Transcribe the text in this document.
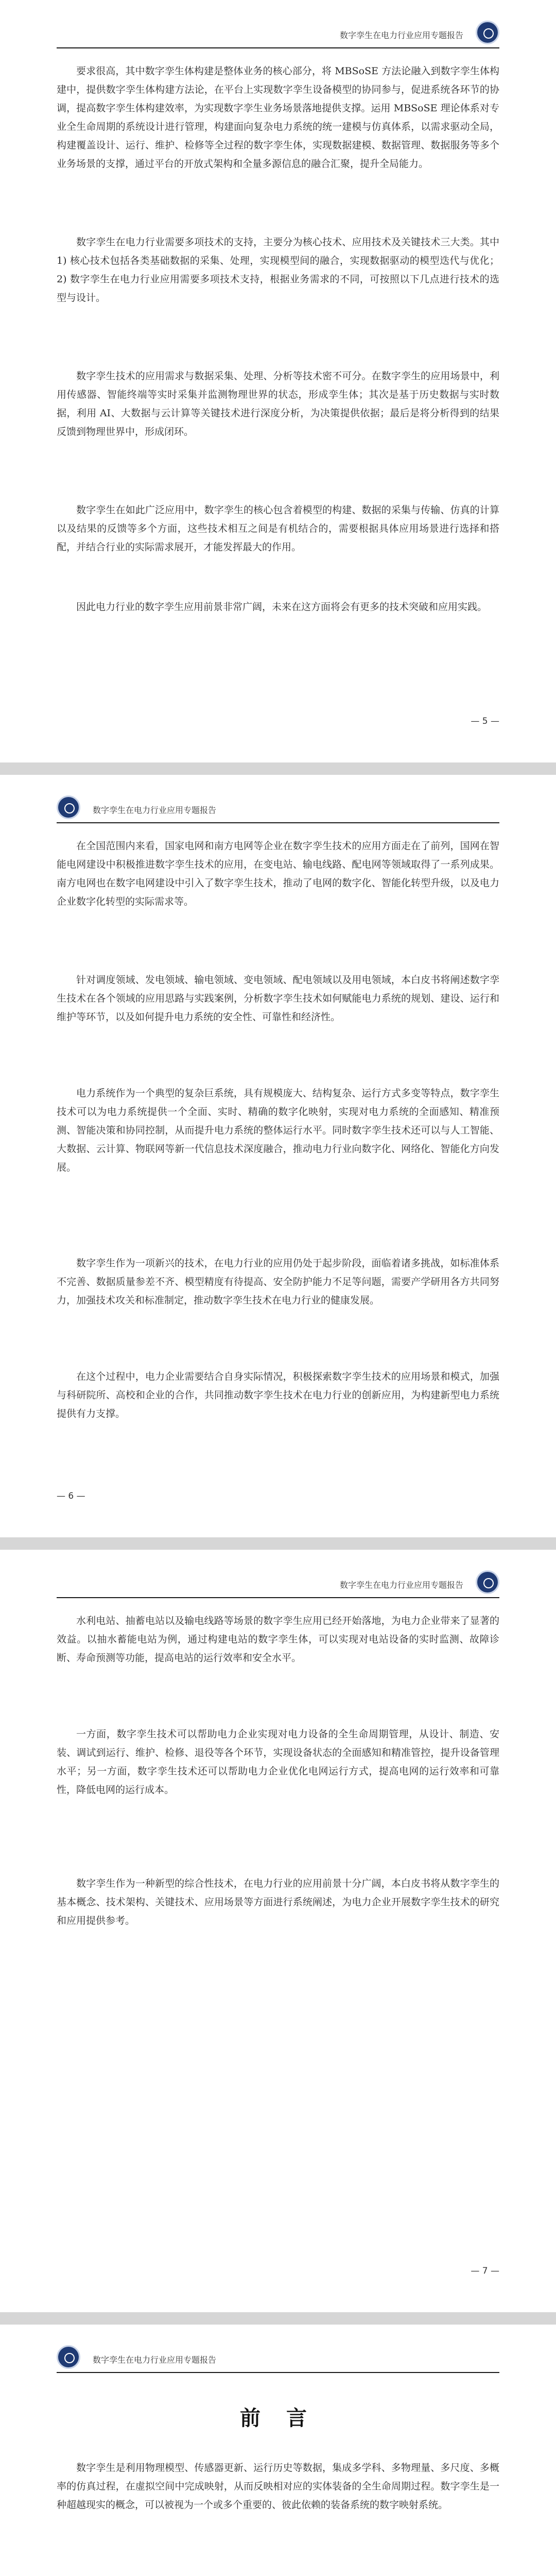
数字孪生在电力行业应用专题报告
要求很高，其中数字孪生体构建是整体业务的核心部分，将 MBSoSE 方法论融入到数字孪生体构建中，提供数字孪生体构建方法论，在平台上实现数字孪生设备模型的协同参与，促进系统各环节的协调，提高数字孪生体构建效率，为实现数字孪生业务场景落地提供支撑。运用 MBSoSE 理论体系对专业全生命周期的系统设计进行管理，构建面向复杂电力系统的统一建模与仿真体系，以需求驱动全局，构建覆盖设计、运行、维护、检修等全过程的数字孪生体，实现数据建模、数据管理、数据服务等多个业务场景的支撑，通过平台的开放式架构和全量多源信息的融合汇聚，提升全局能力。
数字孪生在电力行业需要多项技术的支持，主要分为核心技术、应用技术及关键技术三大类。其中 1) 核心技术包括各类基础数据的采集、处理，实现模型间的融合，实现数据驱动的模型迭代与优化；2) 数字孪生在电力行业应用需要多项技术支持，根据业务需求的不同，可按照以下几点进行技术的选型与设计。
数字孪生技术的应用需求与数据采集、处理、分析等技术密不可分。在数字孪生的应用场景中，利用传感器、智能终端等实时采集并监测物理世界的状态，形成孪生体；其次是基于历史数据与实时数据，利用 AI、大数据与云计算等关键技术进行深度分析，为决策提供依据；最后是将分析得到的结果反馈到物理世界中，形成闭环。
数字孪生在如此广泛应用中，数字孪生的核心包含着模型的构建、数据的采集与传输、仿真的计算以及结果的反馈等多个方面，这些技术相互之间是有机结合的，需要根据具体应用场景进行选择和搭配，并结合行业的实际需求展开，才能发挥最大的作用。
因此电力行业的数字孪生应用前景非常广阔，未来在这方面将会有更多的技术突破和应用实践。
— 5 —
数字孪生在电力行业应用专题报告
在全国范围内来看，国家电网和南方电网等企业在数字孪生技术的应用方面走在了前列，国网在智能电网建设中积极推进数字孪生技术的应用，在变电站、输电线路、配电网等领域取得了一系列成果。南方电网也在数字电网建设中引入了数字孪生技术，推动了电网的数字化、智能化转型升级，以及电力企业数字化转型的实际需求等。
针对调度领域、发电领域、输电领域、变电领域、配电领域以及用电领域，本白皮书将阐述数字孪生技术在各个领域的应用思路与实践案例，分析数字孪生技术如何赋能电力系统的规划、建设、运行和维护等环节，以及如何提升电力系统的安全性、可靠性和经济性。
电力系统作为一个典型的复杂巨系统，具有规模庞大、结构复杂、运行方式多变等特点，数字孪生技术可以为电力系统提供一个全面、实时、精确的数字化映射，实现对电力系统的全面感知、精准预测、智能决策和协同控制，从而提升电力系统的整体运行水平。同时数字孪生技术还可以与人工智能、大数据、云计算、物联网等新一代信息技术深度融合，推动电力行业向数字化、网络化、智能化方向发展。
数字孪生作为一项新兴的技术，在电力行业的应用仍处于起步阶段，面临着诸多挑战，如标准体系不完善、数据质量参差不齐、模型精度有待提高、安全防护能力不足等问题，需要产学研用各方共同努力，加强技术攻关和标准制定，推动数字孪生技术在电力行业的健康发展。
在这个过程中，电力企业需要结合自身实际情况，积极探索数字孪生技术的应用场景和模式，加强与科研院所、高校和企业的合作，共同推动数字孪生技术在电力行业的创新应用，为构建新型电力系统提供有力支撑。
— 6 —
数字孪生在电力行业应用专题报告
水利电站、抽蓄电站以及输电线路等场景的数字孪生应用已经开始落地，为电力企业带来了显著的效益。以抽水蓄能电站为例，通过构建电站的数字孪生体，可以实现对电站设备的实时监测、故障诊断、寿命预测等功能，提高电站的运行效率和安全水平。
一方面，数字孪生技术可以帮助电力企业实现对电力设备的全生命周期管理，从设计、制造、安装、调试到运行、维护、检修、退役等各个环节，实现设备状态的全面感知和精准管控，提升设备管理水平；另一方面，数字孪生技术还可以帮助电力企业优化电网运行方式，提高电网的运行效率和可靠性，降低电网的运行成本。
数字孪生作为一种新型的综合性技术，在电力行业的应用前景十分广阔，本白皮书将从数字孪生的基本概念、技术架构、关键技术、应用场景等方面进行系统阐述，为电力企业开展数字孪生技术的研究和应用提供参考。
— 7 —
数字孪生在电力行业应用专题报告
前 言
数字孪生是利用物理模型、传感器更新、运行历史等数据，集成多学科、多物理量、多尺度、多概率的仿真过程，在虚拟空间中完成映射，从而反映相对应的实体装备的全生命周期过程。数字孪生是一种超越现实的概念，可以被视为一个或多个重要的、彼此依赖的装备系统的数字映射系统。
